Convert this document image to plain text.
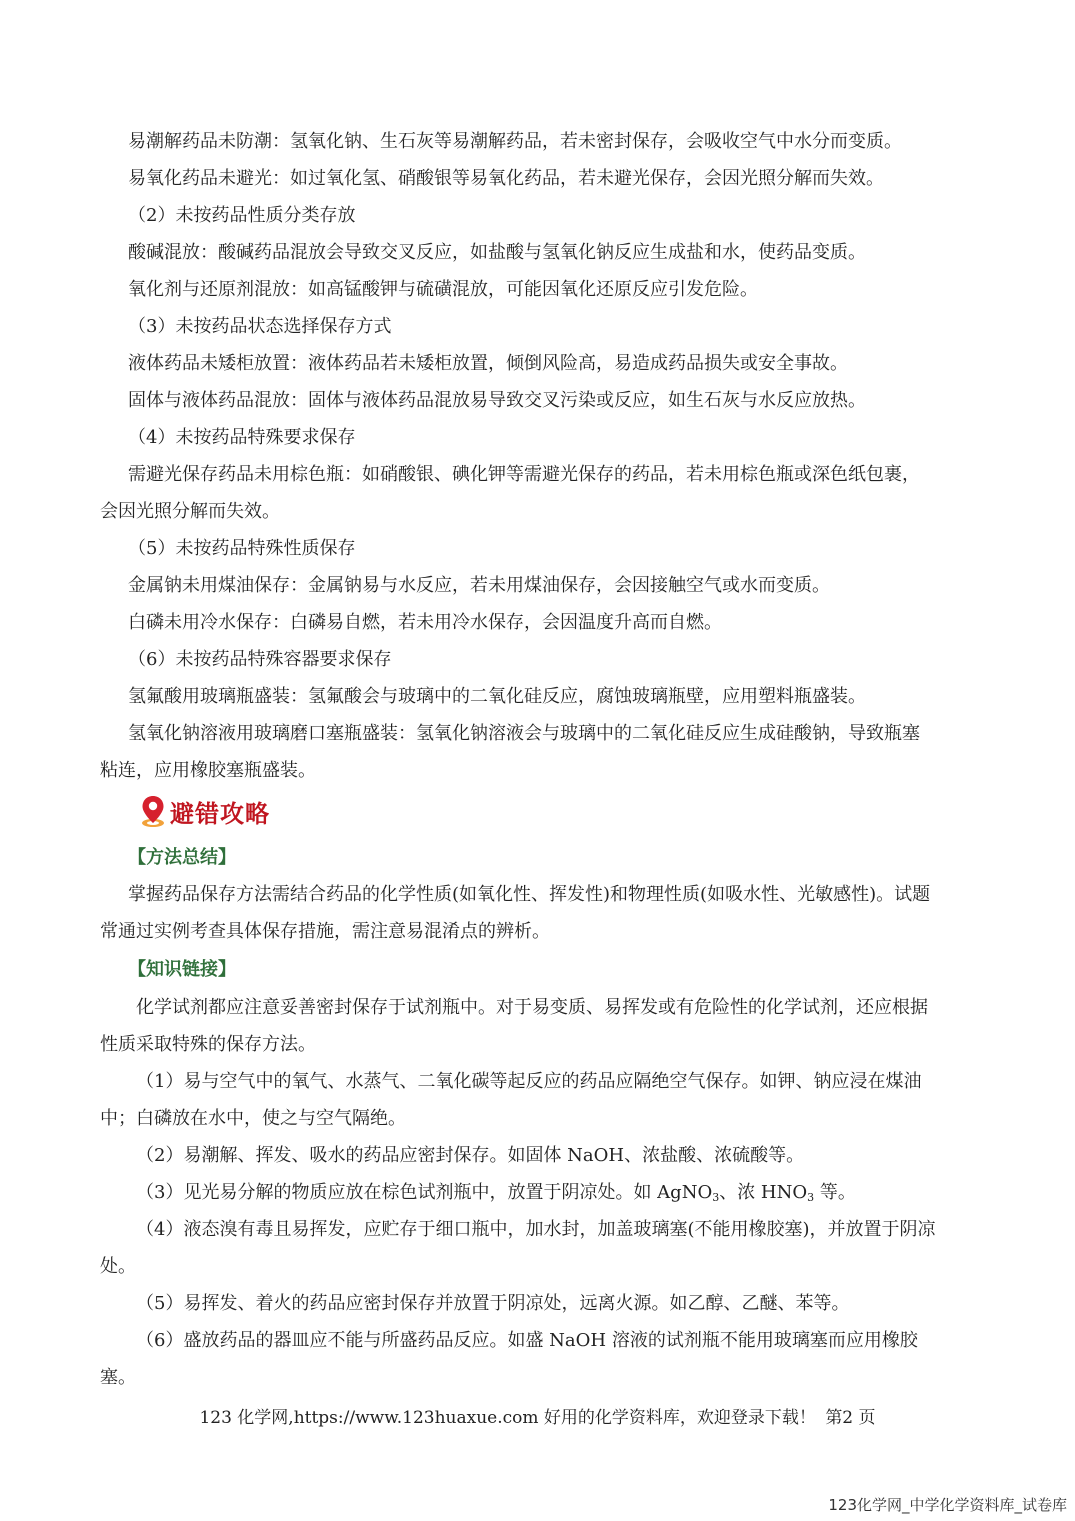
易潮解药品未防潮：氢氧化钠、生石灰等易潮解药品，若未密封保存，会吸收空气中水分而变质。
易氧化药品未避光：如过氧化氢、硝酸银等易氧化药品，若未避光保存，会因光照分解而失效。
（2）未按药品性质分类存放
酸碱混放：酸碱药品混放会导致交叉反应，如盐酸与氢氧化钠反应生成盐和水，使药品变质。
氧化剂与还原剂混放：如高锰酸钾与硫磺混放，可能因氧化还原反应引发危险。
（3）未按药品状态选择保存方式
液体药品未矮柜放置：液体药品若未矮柜放置，倾倒风险高，易造成药品损失或安全事故。
固体与液体药品混放：固体与液体药品混放易导致交叉污染或反应，如生石灰与水反应放热。
（4）未按药品特殊要求保存
需避光保存药品未用棕色瓶：如硝酸银、碘化钾等需避光保存的药品，若未用棕色瓶或深色纸包裹，
会因光照分解而失效。
（5）未按药品特殊性质保存
金属钠未用煤油保存：金属钠易与水反应，若未用煤油保存，会因接触空气或水而变质。
白磷未用冷水保存：白磷易自燃，若未用冷水保存，会因温度升高而自燃。
（6）未按药品特殊容器要求保存
氢氟酸用玻璃瓶盛装：氢氟酸会与玻璃中的二氧化硅反应，腐蚀玻璃瓶壁，应用塑料瓶盛装。
氢氧化钠溶液用玻璃磨口塞瓶盛装：氢氧化钠溶液会与玻璃中的二氧化硅反应生成硅酸钠，导致瓶塞
粘连，应用橡胶塞瓶盛装。
避错攻略
【方法总结】
掌握药品保存方法需结合药品的化学性质(如氧化性、挥发性)和物理性质(如吸水性、光敏感性)。试题
常通过实例考查具体保存措施，需注意易混淆点的辨析。
【知识链接】
化学试剂都应注意妥善密封保存于试剂瓶中。对于易变质、易挥发或有危险性的化学试剂，还应根据
性质采取特殊的保存方法。
（1）易与空气中的氧气、水蒸气、二氧化碳等起反应的药品应隔绝空气保存。如钾、钠应浸在煤油
中；白磷放在水中，使之与空气隔绝。
（2）易潮解、挥发、吸水的药品应密封保存。如固体 NaOH、浓盐酸、浓硫酸等。
（3）见光易分解的物质应放在棕色试剂瓶中，放置于阴凉处。如 AgNO$_3$、浓 $HNO_3$ 等。
（4）液态溴有毒且易挥发，应贮存于细口瓶中，加水封，加盖玻璃塞(不能用橡胶塞)，并放置于阴凉
处。
（5）易挥发、着火的药品应密封保存并放置于阴凉处，远离火源。如乙醇、乙醚、苯等。
（6）盛放药品的器皿应不能与所盛药品反应。如盛 NaOH 溶液的试剂瓶不能用玻璃塞而应用橡胶
塞。
123 化学网,https://www.123huaxue.com 好用的化学资料库，欢迎登录下载！ 第2 页
123化学网_中学化学资料库_试卷库
